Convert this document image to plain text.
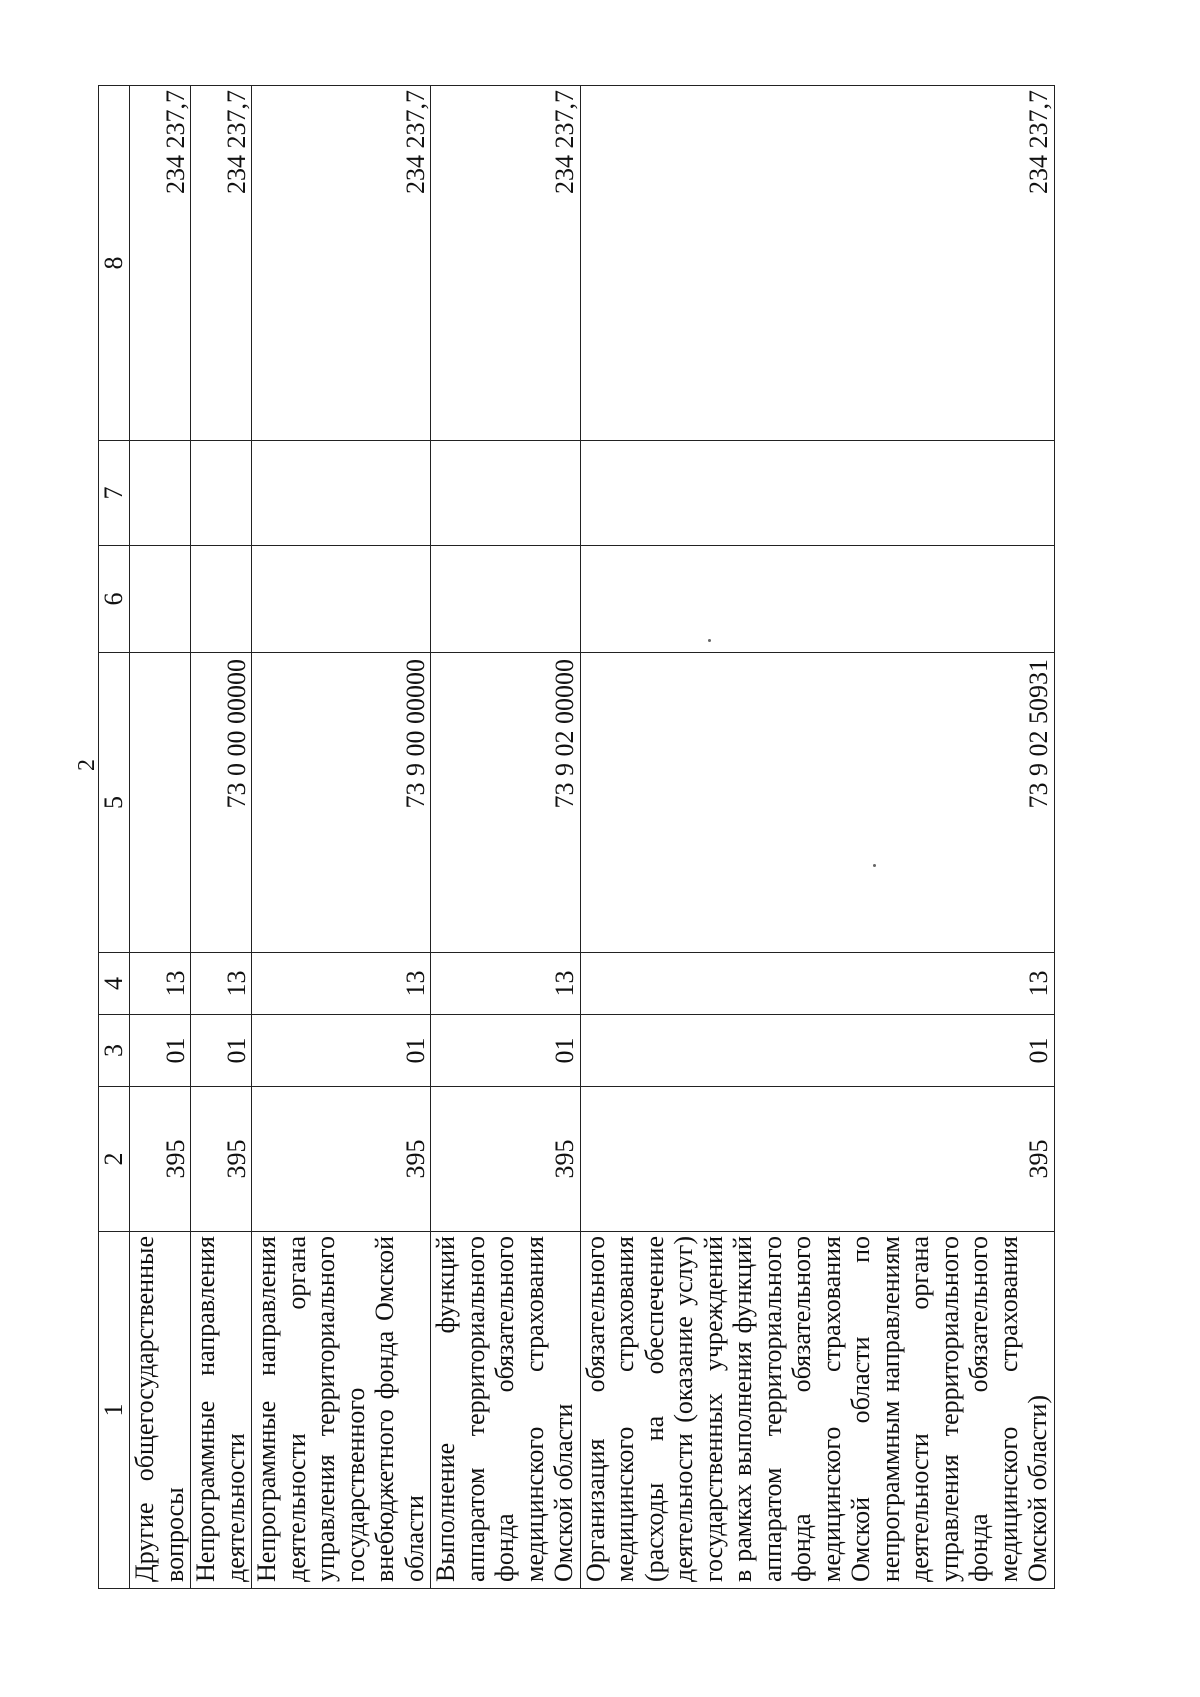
2
1	2	3	4	5	6	7	8
Другие общегосударственные вопросы	395	01	13				234 237,7
Непрограммные направления деятельности	395	01	13	73 0 00 00000			234 237,7
Непрограммные направления деятельности органа управления территориального государственного внебюджетного фонда Омской области	395	01	13	73 9 00 00000			234 237,7
Выполнение функций аппаратом территориального фонда обязательного медицинского страхования Омской области	395	01	13	73 9 02 00000			234 237,7
Организация обязательного медицинского страхования (расходы на обеспечение деятельности (оказание услуг) государственных учреждений в рамках выполнения функций аппаратом территориального фонда обязательного медицинского страхования Омской области по непрограммным направлениям деятельности органа управления территориального фонда обязательного медицинского страхования Омской области)	395	01	13	73 9 02 50931			234 237,7
